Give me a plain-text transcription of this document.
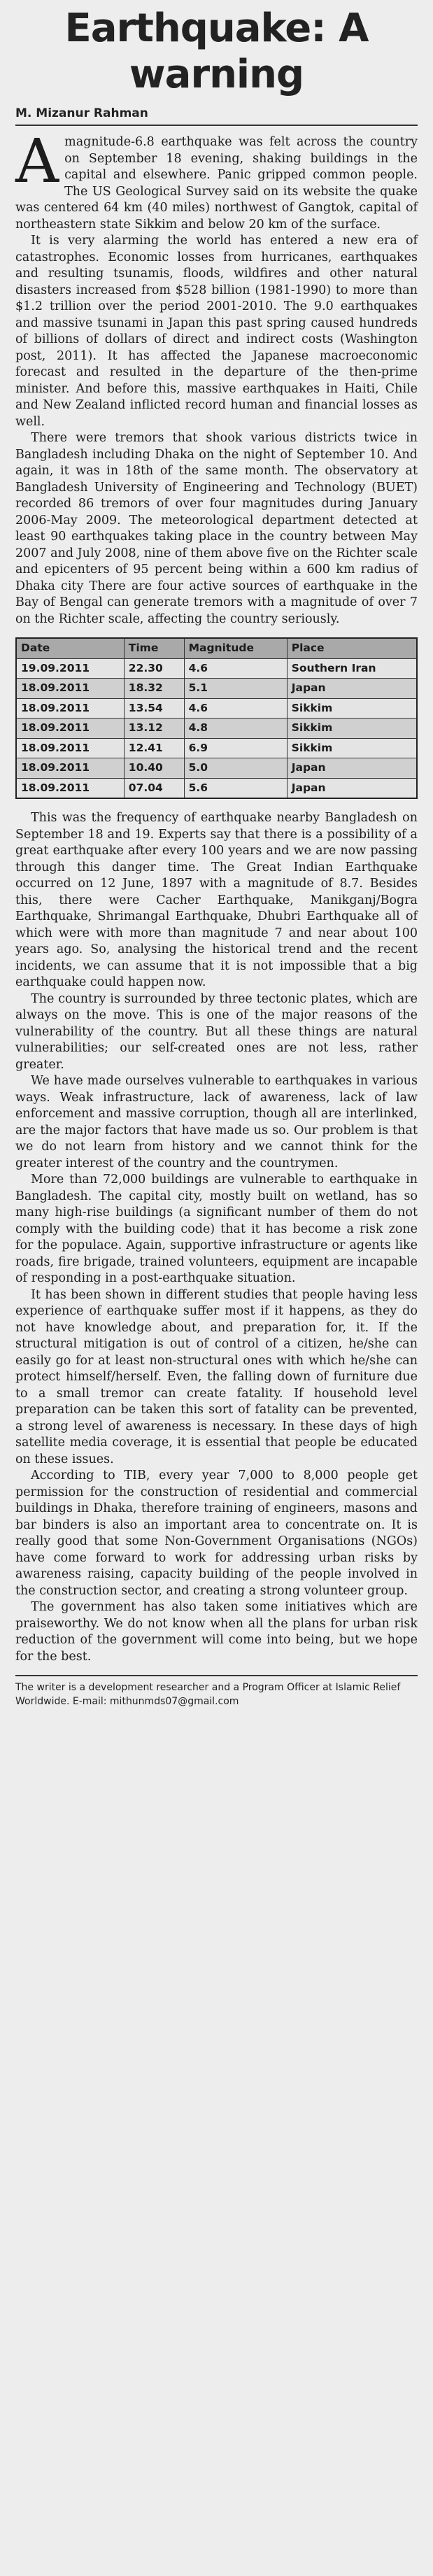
Earthquake: A warning
M. Mizanur Rahman

Amagnitude-6.8 earthquake was felt across the country on September 18 evening, shaking buildings in the capital and elsewhere. Panic gripped common people. The US Geological Survey said on its website the quake was centered 64 km (40 miles) northwest of Gangtok, capital of northeastern state Sikkim and below 20 km of the surface.

It is very alarming the world has entered a new era of catastrophes. Economic losses from hurricanes, earthquakes and resulting tsunamis, floods, wildfires and other natural disasters increased from $528 billion (1981-1990) to more than $1.2 trillion over the period 2001-2010. The 9.0 earthquakes and massive tsunami in Japan this past spring caused hundreds of billions of dollars of direct and indirect costs (Washington post, 2011). It has affected the Japanese macroeconomic forecast and resulted in the departure of the then-prime minister. And before this, massive earthquakes in Haiti, Chile and New Zealand inflicted record human and financial losses as well.

There were tremors that shook various districts twice in Bangladesh including Dhaka on the night of September 10. And again, it was in 18th of the same month. The observatory at Bangladesh University of Engineering and Technology (BUET) recorded 86 tremors of over four magnitudes during January 2006-May 2009. The meteorological department detected at least 90 earthquakes taking place in the country between May 2007 and July 2008, nine of them above five on the Richter scale and epicenters of 95 percent being within a 600 km radius of Dhaka city There are four active sources of earthquake in the Bay of Bengal can generate tremors with a magnitude of over 7 on the Richter scale, affecting the country seriously.

Date	Time	Magnitude	Place
19.09.2011	22.30	4.6	Southern Iran
18.09.2011	18.32	5.1	Japan
18.09.2011	13.54	4.6	Sikkim
18.09.2011	13.12	4.8	Sikkim
18.09.2011	12.41	6.9	Sikkim
18.09.2011	10.40	5.0	Japan
18.09.2011	07.04	5.6	Japan

This was the frequency of earthquake nearby Bangladesh on September 18 and 19. Experts say that there is a possibility of a great earthquake after every 100 years and we are now passing through this danger time. The Great Indian Earthquake occurred on 12 June, 1897 with a magnitude of 8.7. Besides this, there were Cacher Earthquake, Manikganj/Bogra Earthquake, Shrimangal Earthquake, Dhubri Earthquake all of which were with more than magnitude 7 and near about 100 years ago. So, analysing the historical trend and the recent incidents, we can assume that it is not impossible that a big earthquake could happen now.

The country is surrounded by three tectonic plates, which are always on the move. This is one of the major reasons of the vulnerability of the country. But all these things are natural vulnerabilities; our self-created ones are not less, rather greater.

We have made ourselves vulnerable to earthquakes in various ways. Weak infrastructure, lack of awareness, lack of law enforcement and massive corruption, though all are interlinked, are the major factors that have made us so. Our problem is that we do not learn from history and we cannot think for the greater interest of the country and the countrymen.

More than 72,000 buildings are vulnerable to earthquake in Bangladesh. The capital city, mostly built on wetland, has so many high-rise buildings (a significant number of them do not comply with the building code) that it has become a risk zone for the populace. Again, supportive infrastructure or agents like roads, fire brigade, trained volunteers, equipment are incapable of responding in a post-earthquake situation.

It has been shown in different studies that people having less experience of earthquake suffer most if it happens, as they do not have knowledge about, and preparation for, it. If the structural mitigation is out of control of a citizen, he/she can easily go for at least non-structural ones with which he/she can protect himself/herself. Even, the falling down of furniture due to a small tremor can create fatality. If household level preparation can be taken this sort of fatality can be prevented, a strong level of awareness is necessary. In these days of high satellite media coverage, it is essential that people be educated on these issues.

According to TIB, every year 7,000 to 8,000 people get permission for the construction of residential and commercial buildings in Dhaka, therefore training of engineers, masons and bar binders is also an important area to concentrate on. It is really good that some Non-Government Organisations (NGOs) have come forward to work for addressing urban risks by awareness raising, capacity building of the people involved in the construction sector, and creating a strong volunteer group.

The government has also taken some initiatives which are praiseworthy. We do not know when all the plans for urban risk reduction of the government will come into being, but we hope for the best.

The writer is a development researcher and a Program Officer at Islamic Relief Worldwide. E-mail: mithunmds07@gmail.com
